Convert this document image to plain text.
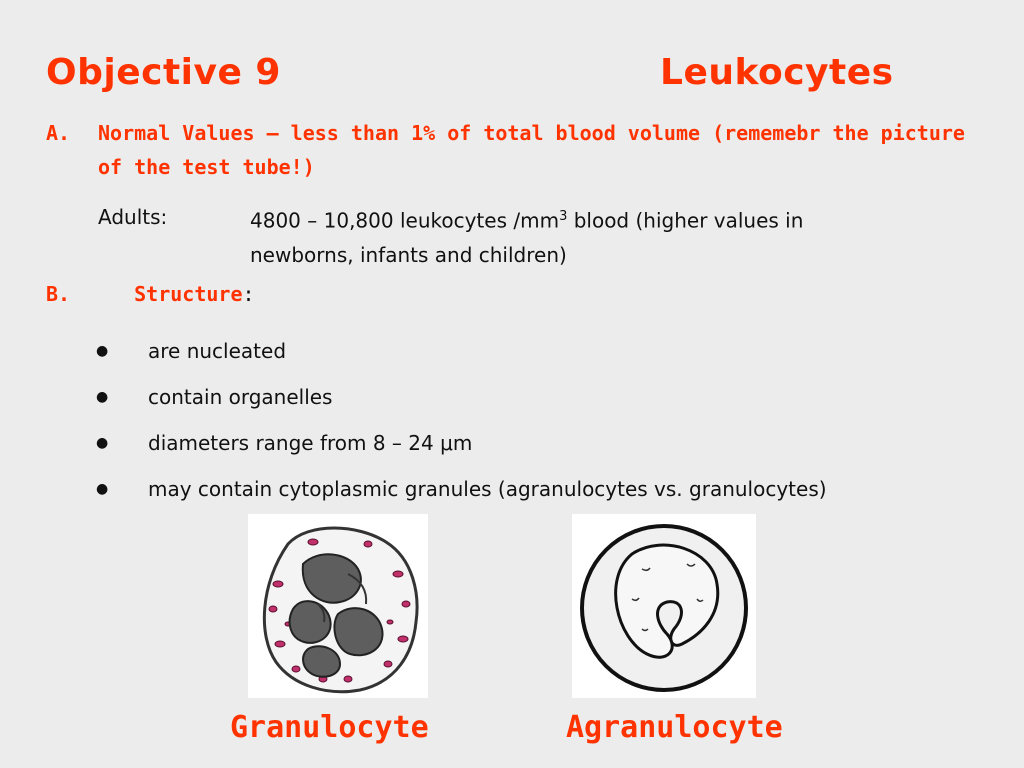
Objective 9	Leukocytes
A. Normal Values – less than 1% of total blood volume (rememebr the picture of the test tube!)
Adults:	4800 – 10,800 leukocytes $/mm^3$ blood (higher values in newborns, infants and children)
B.	Structure:
● are nucleated
● contain organelles
● diameters range from 8 – 24 μm
● may contain cytoplasmic granules (agranulocytes vs. granulocytes)
Granulocyte	Agranulocyte
